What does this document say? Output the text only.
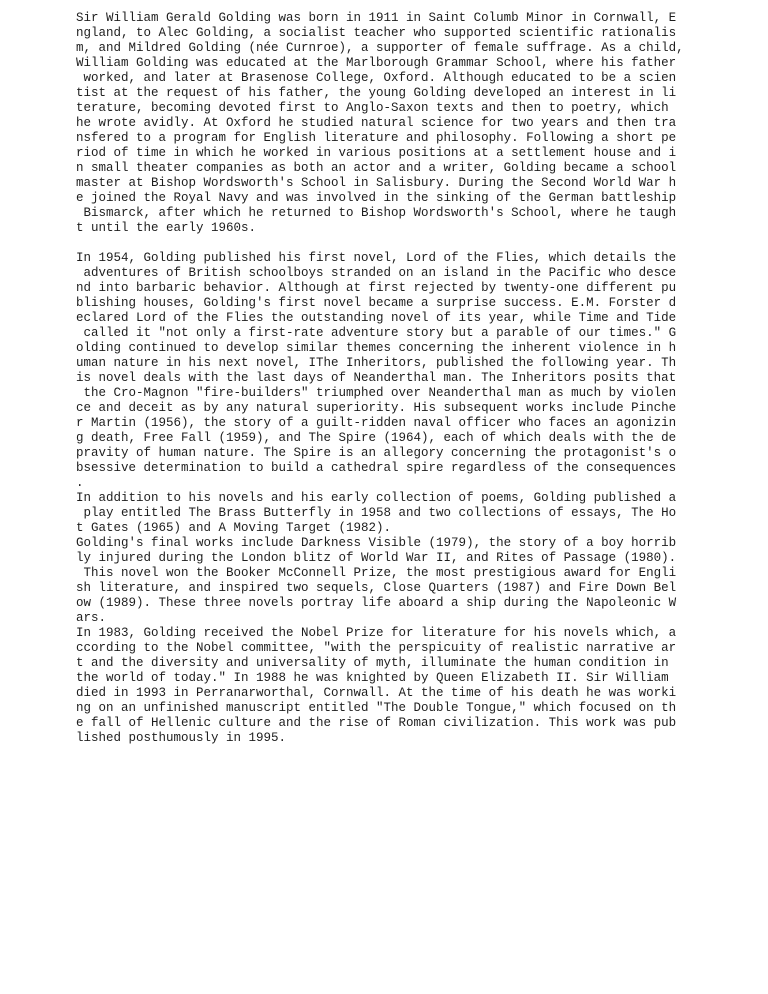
Sir William Gerald Golding was born in 1911 in Saint Columb Minor in Cornwall, E
ngland, to Alec Golding, a socialist teacher who supported scientific rationalis
m, and Mildred Golding (née Curnroe), a supporter of female suffrage. As a child,
William Golding was educated at the Marlborough Grammar School, where his father
worked, and later at Brasenose College, Oxford. Although educated to be a scien
tist at the request of his father, the young Golding developed an interest in li
terature, becoming devoted first to Anglo-Saxon texts and then to poetry, which
he wrote avidly. At Oxford he studied natural science for two years and then tra
nsfered to a program for English literature and philosophy. Following a short pe
riod of time in which he worked in various positions at a settlement house and i
n small theater companies as both an actor and a writer, Golding became a school
master at Bishop Wordsworth's School in Salisbury. During the Second World War h
e joined the Royal Navy and was involved in the sinking of the German battleship
Bismarck, after which he returned to Bishop Wordsworth's School, where he taugh
t until the early 1960s.
In 1954, Golding published his first novel, Lord of the Flies, which details the
adventures of British schoolboys stranded on an island in the Pacific who desce
nd into barbaric behavior. Although at first rejected by twenty-one different pu
blishing houses, Golding's first novel became a surprise success. E.M. Forster d
eclared Lord of the Flies the outstanding novel of its year, while Time and Tide
called it "not only a first-rate adventure story but a parable of our times." G
olding continued to develop similar themes concerning the inherent violence in h
uman nature in his next novel, IThe Inheritors, published the following year. Th
is novel deals with the last days of Neanderthal man. The Inheritors posits that
the Cro-Magnon "fire-builders" triumphed over Neanderthal man as much by violen
ce and deceit as by any natural superiority. His subsequent works include Pinche
r Martin (1956), the story of a guilt-ridden naval officer who faces an agonizin
g death, Free Fall (1959), and The Spire (1964), each of which deals with the de
pravity of human nature. The Spire is an allegory concerning the protagonist's o
bsessive determination to build a cathedral spire regardless of the consequences
.
In addition to his novels and his early collection of poems, Golding published a
play entitled The Brass Butterfly in 1958 and two collections of essays, The Ho
t Gates (1965) and A Moving Target (1982).
Golding's final works include Darkness Visible (1979), the story of a boy horrib
ly injured during the London blitz of World War II, and Rites of Passage (1980).
This novel won the Booker McConnell Prize, the most prestigious award for Engli
sh literature, and inspired two sequels, Close Quarters (1987) and Fire Down Bel
ow (1989). These three novels portray life aboard a ship during the Napoleonic W
ars.
In 1983, Golding received the Nobel Prize for literature for his novels which, a
ccording to the Nobel committee, "with the perspicuity of realistic narrative ar
t and the diversity and universality of myth, illuminate the human condition in
the world of today." In 1988 he was knighted by Queen Elizabeth II. Sir William
died in 1993 in Perranarworthal, Cornwall. At the time of his death he was worki
ng on an unfinished manuscript entitled "The Double Tongue," which focused on th
e fall of Hellenic culture and the rise of Roman civilization. This work was pub
lished posthumously in 1995.
